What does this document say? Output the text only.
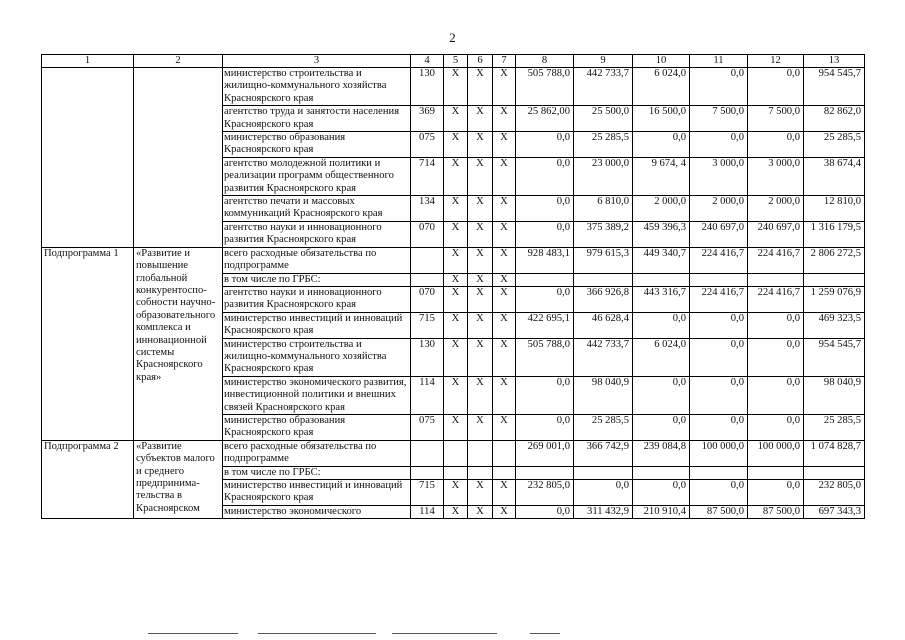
2
1	2	3	4	5	6	7	8	9	10	11	12	13
		министерство строительства и жилищно-коммунального хозяйства Красноярского края	130	Х	Х	Х	505 788,0	442 733,7	6 024,0	0,0	0,0	954 545,7
		агентство труда и занятости населения Красноярского края	369	Х	Х	Х	25 862,00	25 500,0	16 500,0	7 500,0	7 500,0	82 862,0
		министерство образования Красноярского края	075	Х	Х	Х	0,0	25 285,5	0,0	0,0	0,0	25 285,5
		агентство молодежной политики и реализации программ общественного развития Красноярского края	714	Х	Х	Х	0,0	23 000,0	9 674, 4	3 000,0	3 000,0	38 674,4
		агентство печати и массовых коммуникаций Красноярского края	134	Х	Х	Х	0,0	6 810,0	2 000,0	2 000,0	2 000,0	12 810,0
		агентство науки и инновационного развития Красноярского края	070	Х	Х	Х	0,0	375 389,2	459 396,3	240 697,0	240 697,0	1 316 179,5
Подпрограмма 1	«Развитие и повышение глобальной конкурентоспо-собности научно-образовательного комплекса и инновационной системы Красноярского края»	всего расходные обязательства по подпрограмме		Х	Х	Х	928 483,1	979 615,3	449 340,7	224 416,7	224 416,7	2 806 272,5
		в том числе по ГРБС:		Х	Х	Х						
		агентство науки и инновационного развития Красноярского края	070	Х	Х	Х	0,0	366 926,8	443 316,7	224 416,7	224 416,7	1 259 076,9
		министерство инвестиций и инноваций Красноярского края	715	Х	Х	Х	422 695,1	46 628,4	0,0	0,0	0,0	469 323,5
		министерство строительства и жилищно-коммунального хозяйства Красноярского края	130	Х	Х	Х	505 788,0	442 733,7	6 024,0	0,0	0,0	954 545,7
		министерство экономического развития, инвестиционной политики и внешних связей Красноярского края	114	Х	Х	Х	0,0	98 040,9	0,0	0,0	0,0	98 040,9
		министерство образования Красноярского края	075	Х	Х	Х	0,0	25 285,5	0,0	0,0	0,0	25 285,5
Подпрограмма 2	«Развитие субъектов малого и среднего предпринима-тельства в Красноярском	всего расходные обязательства по подпрограмме					269 001,0	366 742,9	239 084,8	100 000,0	100 000,0	1 074 828,7
		в том числе по ГРБС:										
		министерство инвестиций и инноваций Красноярского края	715	Х	Х	Х	232 805,0	0,0	0,0	0,0	0,0	232 805,0
		министерство экономического	114	Х	Х	Х	0,0	311 432,9	210 910,4	87 500,0	87 500,0	697 343,3
